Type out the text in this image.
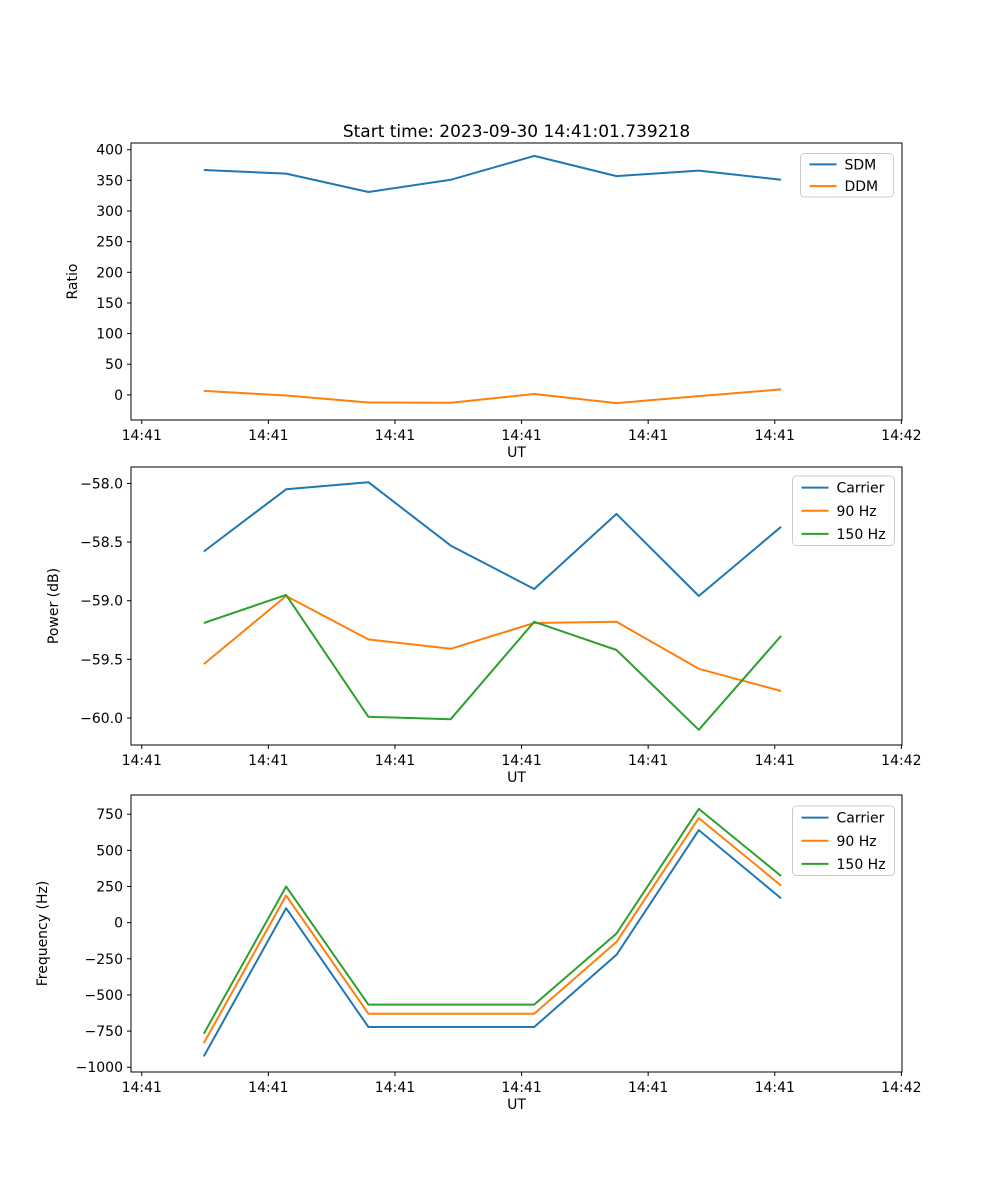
0
50
100
150
200
250
300
350
400
14:41	14:41	14:41	14:41	14:41	14:41	14:42
UT
Ratio
SDM
DDM
−58.0
−58.5
−59.0
−59.5
−60.0
14:41	14:41	14:41	14:41	14:41	14:41	14:42
UT
Power (dB)
Carrier
90 Hz
150 Hz
750
500
250
0
−250
−500
−750
−1000
14:41	14:41	14:41	14:41	14:41	14:41	14:42
UT
Frequency (Hz)
Carrier
90 Hz
150 Hz
Start time: 2023-09-30 14:41:01.739218
